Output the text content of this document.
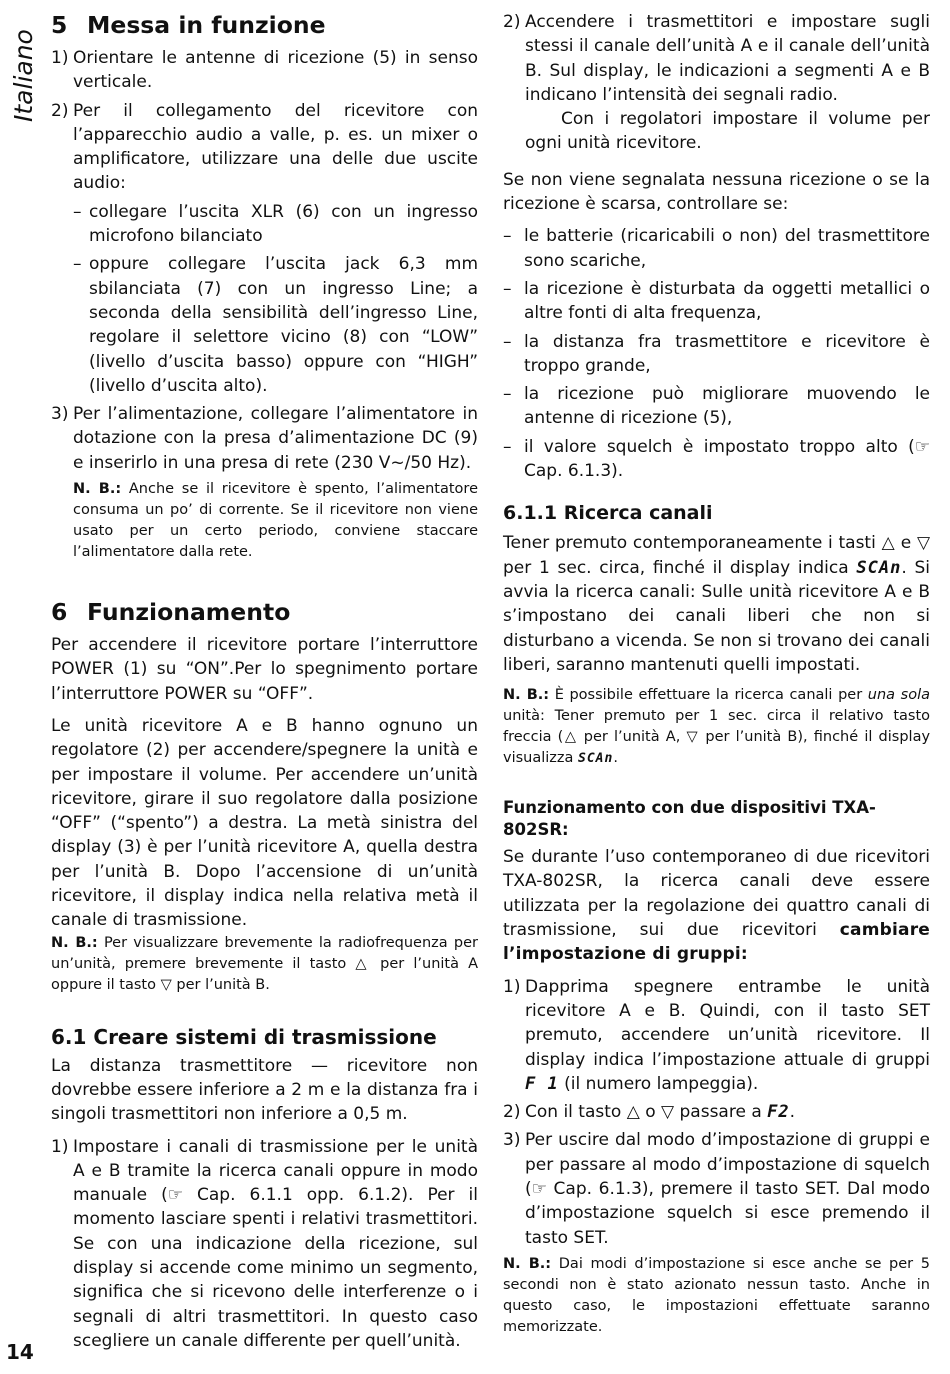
Italiano
14
5 Messa in funzione
1) Orientare le antenne di ricezione (5) in senso verticale.
2) Per il collegamento del ricevitore con l’apparecchio audio a valle, p. es. un mixer o amplificatore, utilizzare una delle due uscite audio:
– collegare l’uscita XLR (6) con un ingresso microfono bilanciato
– oppure collegare l’uscita jack 6,3 mm sbilanciata (7) con un ingresso Line; a seconda della sensibilità dell’ingresso Line, regolare il selettore vicino (8) con “LOW” (livello d’uscita basso) oppure con “HIGH” (livello d’uscita alto).
3) Per l’alimentazione, collegare l’alimentatore in dotazione con la presa d’alimentazione DC (9) e inserirlo in una presa di rete (230 V~/50 Hz).

N. B.: Anche se il ricevitore è spento, l’alimentatore consuma un po’ di corrente. Se il ricevitore non viene usato per un certo periodo, conviene staccare l’alimentatore dalla rete.

6 Funzionamento

Per accendere il ricevitore portare l’interruttore POWER (1) su “ON”.Per lo spegnimento portare l’interruttore POWER su “OFF”.

Le unità ricevitore A e B hanno ognuno un regolatore (2) per accendere/spegnere la unità e per impostare il volume. Per accendere un’unità ricevitore, girare il suo regolatore dalla posizione “OFF” (“spento”) a destra. La metà sinistra del display (3) è per l’unità ricevitore A, quella destra per l’unità B. Dopo l’accensione di un’unità ricevitore, il display indica nella relativa metà il canale di trasmissione.

N. B.: Per visualizzare brevemente la radiofrequenza per un’unità, premere brevemente il tasto △ per l’unità A oppure il tasto ▽ per l’unità B.

6.1 Creare sistemi di trasmissione

La distanza trasmettitore — ricevitore non dovrebbe essere inferiore a 2 m e la distanza fra i singoli trasmettitori non inferiore a 0,5 m.

1) Impostare i canali di trasmissione per le unità A e B tramite la ricerca canali oppure in modo manuale (☞ Cap. 6.1.1 opp. 6.1.2). Per il momento lasciare spenti i relativi trasmettitori. Se con una indicazione della ricezione, sul display si accende come minimo un segmento, significa che si ricevono delle interferenze o i segnali di altri trasmettitori. In questo caso scegliere un canale differente per quell’unità.
2) Accendere i trasmettitori e impostare sugli stessi il canale dell’unità A e il canale dell’unità B. Sul display, le indicazioni a segmenti A e B indicano l’intensità dei segnali radio.
Con i regolatori impostare il volume per ogni unità ricevitore.

Se non viene segnalata nessuna ricezione o se la ricezione è scarsa, controllare se:

– le batterie (ricaricabili o non) del trasmettitore sono scariche,
– la ricezione è disturbata da oggetti metallici o altre fonti di alta frequenza,
– la distanza fra trasmettitore e ricevitore è troppo grande,
– la ricezione può migliorare muovendo le antenne di ricezione (5),
– il valore squelch è impostato troppo alto (☞ Cap. 6.1.3).
6.1.1 Ricerca canali

Tener premuto contemporaneamente i tasti △ e ▽ per 1 sec. circa, finché il display indica SCAn. Si avvia la ricerca canali: Sulle unità ricevitore A e B s’impostano dei canali liberi che non si disturbano a vicenda. Se non si trovano dei canali liberi, saranno mantenuti quelli impostati.

N. B.: È possibile effettuare la ricerca canali per una sola unità: Tener premuto per 1 sec. circa il relativo tasto freccia (△ per l’unità A, ▽ per l’unità B), finché il display visualizza SCAn.

Funzionamento con due dispositivi TXA-802SR:

Se durante l’uso contemporaneo di due ricevitori TXA-802SR, la ricerca canali deve essere utilizzata per la regolazione dei quattro canali di trasmissione, sui due ricevitori cambiare l’impostazione di gruppi:

1) Dapprima spegnere entrambe le unità ricevitore A e B. Quindi, con il tasto SET premuto, accendere un’unità ricevitore. Il display indica l’impostazione attuale di gruppi F 1 (il numero lampeggia).
2) Con il tasto △ o ▽ passare a F2.
3) Per uscire dal modo d’impostazione di gruppi e per passare al modo d’impostazione di squelch (☞ Cap. 6.1.3), premere il tasto SET. Dal modo d’impostazione squelch si esce premendo il tasto SET.

N. B.: Dai modi d’impostazione si esce anche se per 5 secondi non è stato azionato nessun tasto. Anche in questo caso, le impostazioni effettuate saranno memorizzate.
